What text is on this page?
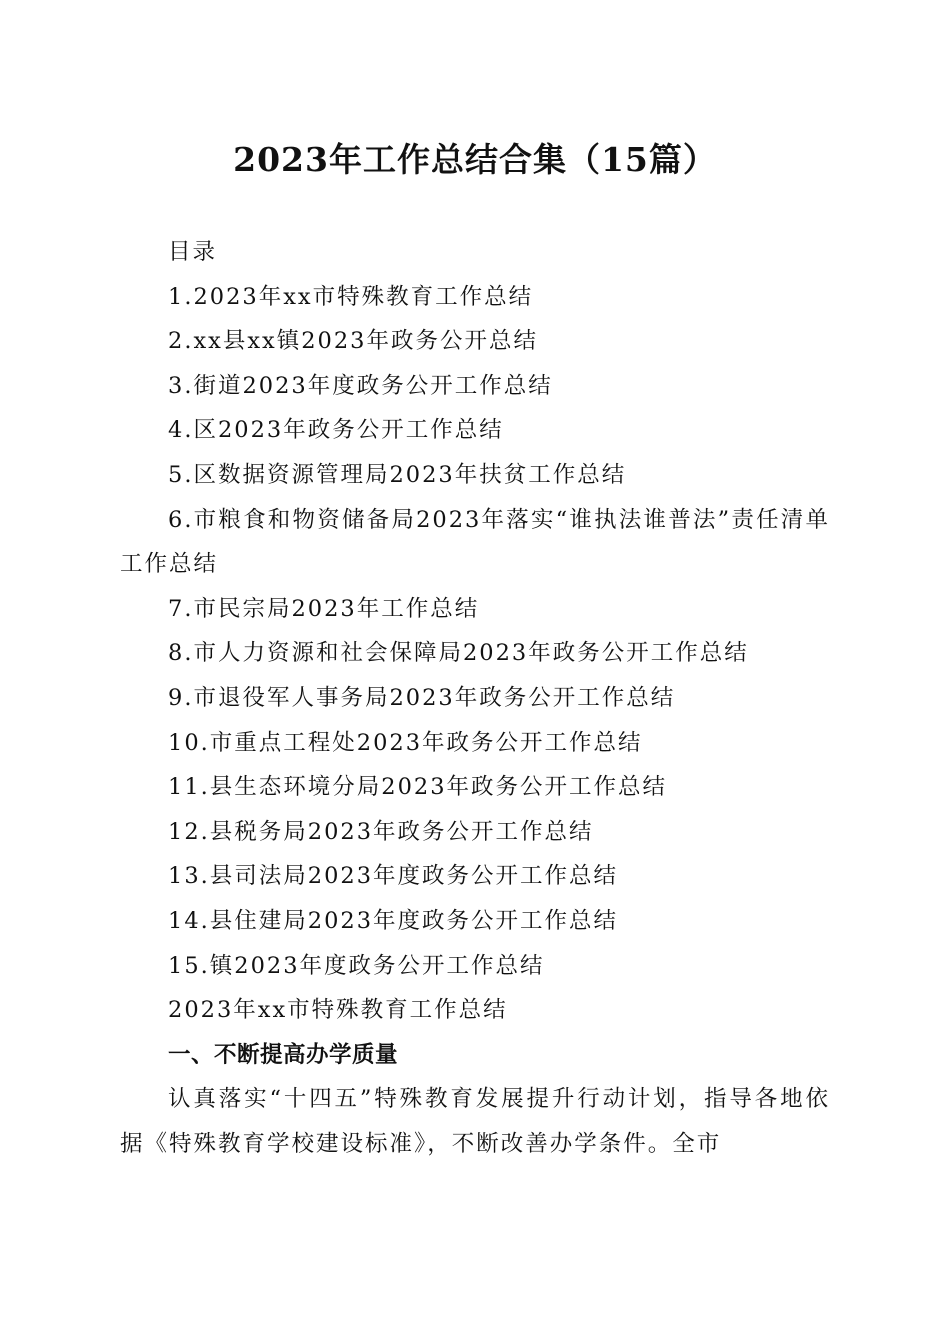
2023年工作总结合集（15篇）

目录

1.2023年xx市特殊教育工作总结

2.xx县xx镇2023年政务公开总结

3.街道2023年度政务公开工作总结

4.区2023年政务公开工作总结

5.区数据资源管理局2023年扶贫工作总结

6.市粮食和物资储备局2023年落实“谁执法谁普法”责任清单工作总结

7.市民宗局2023年工作总结

8.市人力资源和社会保障局2023年政务公开工作总结

9.市退役军人事务局2023年政务公开工作总结

10.市重点工程处2023年政务公开工作总结

11.县生态环境分局2023年政务公开工作总结

12.县税务局2023年政务公开工作总结

13.县司法局2023年度政务公开工作总结

14.县住建局2023年度政务公开工作总结

15.镇2023年度政务公开工作总结

2023年xx市特殊教育工作总结

一、不断提高办学质量

认真落实“十四五”特殊教育发展提升行动计划，指导各地依据《特殊教育学校建设标准》，不断改善办学条件。全市
